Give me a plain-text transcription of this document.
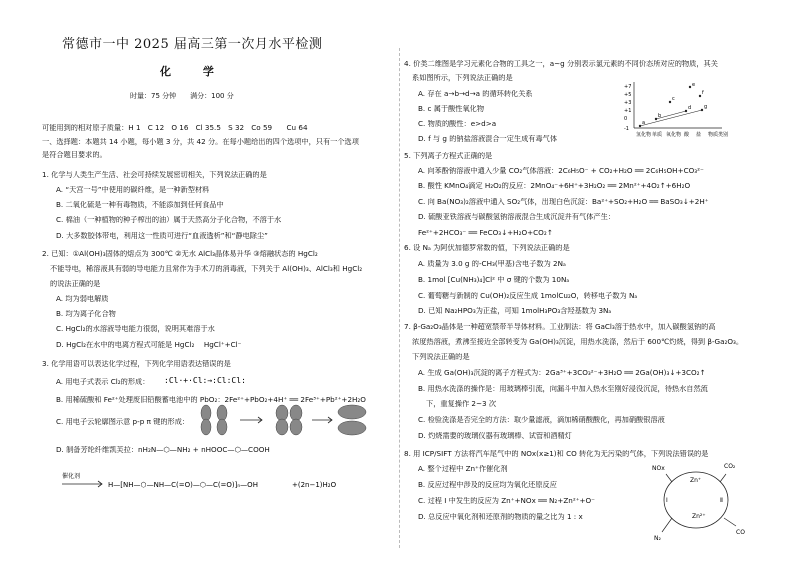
常德市一中 2025 届高三第一次月水平检测
化 学
时量：75 分钟　　满分：100 分
可能用到的相对原子质量：H 1　C 12　O 16　Cl 35.5　S 32　Co 59　　Cu 64
一、选择题：本题共 14 小题，每小题 3 分，共 42 分。在每小题给出的四个选项中，只有一个选项
是符合题目要求的。
1. 化学与人类生产生活、社会可持续发展密切相关，下列说法正确的是
A. “天宫一号”中使用的碳纤维，是一种新型材料
B. 二氧化硫是一种有毒物质，不能添加到任何食品中
C. 棉油（一种植物的种子榨出的油）属于天然高分子化合物，不溶于水
D. 大多数胶体带电，利用这一性质可进行“血液透析”和“静电除尘”
2. 已知：①Al(OH)₃固体的熔点为 300℃ ②无水 AlCl₃晶体易升华 ③熔融状态的 HgCl₂
不能导电，稀溶液具有弱的导电能力且常作为手术刀的消毒液，下列关于 Al(OH)₃、AlCl₃和 HgCl₂
的说法正确的是
A. 均为弱电解质
B. 均为离子化合物
C. HgCl₂的水溶液导电能力很弱，说明其难溶于水
D. HgCl₂在水中的电离方程式可能是 HgCl₂　 HgCl⁺+Cl⁻
3. 化学用语可以表达化学过程，下列化学用语表达错误的是
A. 用电子式表示 Cl₂的形成： :Cl·+·Cl:→:Cl:Cl:
B. 用稀硫酸和 Fe²⁺处理废旧铅酸蓄电池中的 PbO₂：2Fe²⁺+PbO₂+4H⁺ ══ 2Fe³⁺+Pb²⁺+2H₂O
C. 用电子云轮廓图示意 p-p π 键的形成：
D. 制备芳纶纤维凯芙拉：nH₂N—⬡—NH₂ + nHOOC—⬡—COOH
催化剂
H—[NH—⬡—NH—C(=O)—⬡—C(=O)]ₙ—OH	+(2n−1)H₂O
4. 价类二维图是学习元素化合物的工具之一，a~g 分别表示氯元素的不同价态所对应的物质，其关
系如图所示，下列说法正确的是
A. 存在 a→b→d→a 的循环转化关系
B. c 属于酸性氧化物
C. 物质的酸性：e>d>a
D. f 与 g 的钠盐溶液混合一定生成有毒气体
+7
+5
+3
+1
0
-1
氢化物 单质 氧化物 酸 盐 物质类别
a
b
c
d
e
f
g
5. 下列离子方程式正确的是
A. 向苯酚钠溶液中通入少量 CO₂气体溶液：2C₆H₅O⁻ + CO₂+H₂O ══ 2C₆H₅OH+CO₃²⁻
B. 酸性 KMnO₄滴定 H₂O₂的反应：2MnO₄⁻+6H⁺+3H₂O₂ ══ 2Mn²⁺+4O₂↑+6H₂O
C. 向 Ba(NO₃)₂溶液中通入 SO₂气体，出现白色沉淀：Ba²⁺+SO₂+H₂O ══ BaSO₃↓+2H⁺
D. 硫酸亚铁溶液与碳酸氢钠溶液混合生成沉淀并有气体产生：
Fe²⁺+2HCO₃⁻ ══ FeCO₃↓+H₂O+CO₂↑
6. 设 Nₐ 为阿伏加德罗常数的值，下列说法正确的是
A. 质量为 3.0 g 的-CH₃(甲基)含电子数为 2Nₐ
B. 1mol [Cu(NH₃)₄]Cl² 中 σ 键的个数为 10Nₐ
C. 葡萄糖与新制的 Cu(OH)₂反应生成 1molCu₂O，转移电子数为 Nₐ
D. 已知 Na₂HPO₃为正盐，可知 1molH₃PO₃含羟基数为 3Nₐ
7. β-Ga₂O₃晶体是一种超宽禁带半导体材料。工业制法：将 GaCl₃溶于热水中，加入碳酸氢钠的高
浓度热溶液，煮沸至接近全部转变为 Ga(OH)₃沉淀，用热水洗涤，然后于 600℃灼烧，得到 β-Ga₂O₃。
下列说法正确的是
A. 生成 Ga(OH)₃沉淀的离子方程式为：2Ga³⁺+3CO₃²⁻+3H₂O ══ 2Ga(OH)₃↓+3CO₂↑
B. 用热水洗涤的操作是：用玻璃棒引流，向漏斗中加入热水至刚好浸没沉淀，待热水自然流
下，重复操作 2~3 次
C. 检验洗涤是否完全的方法：取少量滤液，滴加稀硝酸酸化，再加硝酸银溶液
D. 灼烧需要的玻璃仪器有玻璃棒、试管和酒精灯
8. 用 ICP/SIFT 方法将汽车尾气中的 NOx(x≥1)和 CO 转化为无污染的气体，下列说法错误的是
A. 整个过程中 Zn⁺作催化剂
B. 反应过程中涉及的反应均为氧化还原反应
C. 过程 Ⅰ 中发生的反应为 Zn⁺+NOx ══ N₂+Zn²⁺+O⁻
D. 总反应中氧化剂和还原剂的物质的量之比为 1 : x
NOx	CO₂
Zn⁺
Zn²⁺
N₂
CO
Ⅰ	Ⅱ
